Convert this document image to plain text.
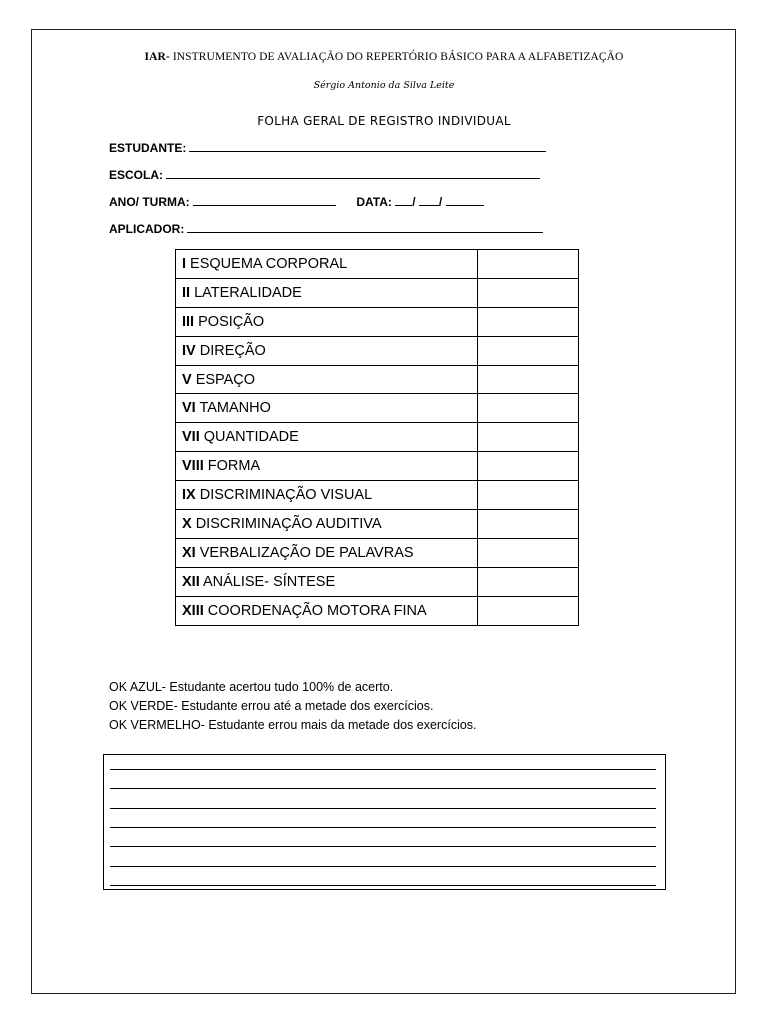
IAR- INSTRUMENTO DE AVALIAÇÃO DO REPERTÓRIO BÁSICO PARA A ALFABETIZAÇÃO
Sérgio Antonio da Silva Leite
FOLHA GERAL DE REGISTRO INDIVIDUAL
ESTUDANTE:
ESCOLA:
ANO/ TURMA:	DATA: / /
APLICADOR:
I ESQUEMA CORPORAL	
II LATERALIDADE	
III POSIÇÃO	
IV DIREÇÃO	
V ESPAÇO	
VI TAMANHO	
VII QUANTIDADE	
VIII FORMA	
IX DISCRIMINAÇÃO VISUAL	
X DISCRIMINAÇÃO AUDITIVA	
XI VERBALIZAÇÃO DE PALAVRAS	
XII ANÁLISE- SÍNTESE	
XIII COORDENAÇÃO MOTORA FINA	
OK AZUL- Estudante acertou tudo 100% de acerto.
OK VERDE- Estudante errou até a metade dos exercícios.
OK VERMELHO- Estudante errou mais da metade dos exercícios.
